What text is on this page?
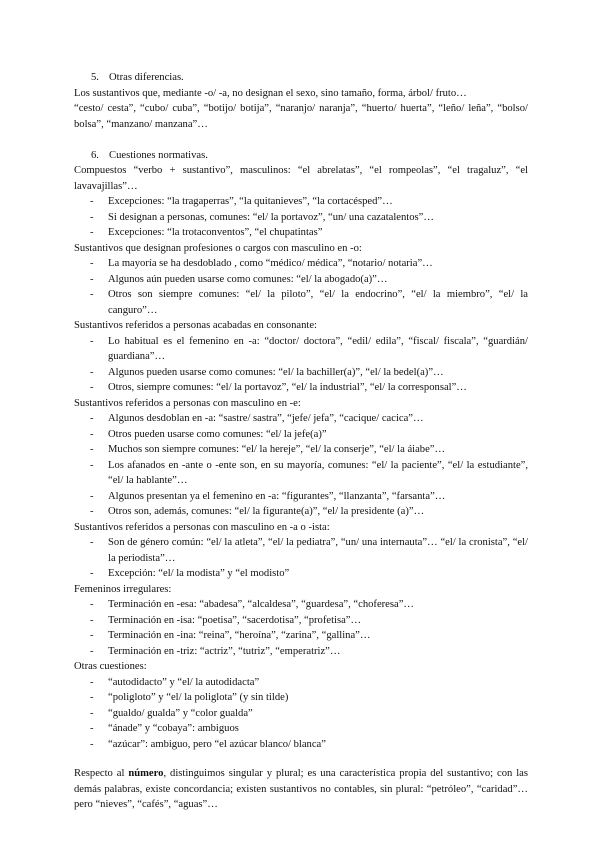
5. Otras diferencias.

Los sustantivos que, mediante -o/ -a, no designan el sexo, sino tamaño, forma, árbol/ fruto…

“cesto/ cesta”, “cubo/ cuba”, “botijo/ botija”, “naranjo/ naranja”, “huerto/ huerta”, “leño/ leña”, “bolso/ bolsa”, “manzano/ manzana”…

6. Cuestiones normativas.

Compuestos “verbo + sustantivo”, masculinos: “el abrelatas”, “el rompeolas”, “el tragaluz”, “el lavavajillas”…

- Excepciones: “la tragaperras”, “la quitanieves”, “la cortacésped”…
- Si designan a personas, comunes: “el/ la portavoz”, “un/ una cazatalentos”…
- Excepciones: “la trotaconventos”, “el chupatintas”

Sustantivos que designan profesiones o cargos con masculino en -o:

- La mayoría se ha desdoblado , como “médico/ médica”, “notario/ notaria”…
- Algunos aún pueden usarse como comunes: “el/ la abogado(a)”…
- Otros son siempre comunes: “el/ la piloto”, “el/ la endocrino”, “el/ la miembro”, “el/ la canguro”…

Sustantivos referidos a personas acabadas en consonante:

- Lo habitual es el femenino en -a: “doctor/ doctora”, “edil/ edila”, “fiscal/ fiscala”, “guardián/ guardiana”…
- Algunos pueden usarse como comunes: “el/ la bachiller(a)”, “el/ la bedel(a)”…
- Otros, siempre comunes: “el/ la portavoz”, “el/ la industrial”, “el/ la corresponsal”…

Sustantivos referidos a personas con masculino en -e:

- Algunos desdoblan en -a: “sastre/ sastra”, “jefe/ jefa”, “cacique/ cacica”…
- Otros pueden usarse como comunes: “el/ la jefe(a)”
- Muchos son siempre comunes: “el/ la hereje”, “el/ la conserje”, “el/ la áiabe”…
- Los afanados en -ante o -ente son, en su mayoría, comunes: “el/ la paciente”, “el/ la estudiante”, “el/ la hablante”…
- Algunos presentan ya el femenino en -a: “figurantes”, “llanzanta”, “farsanta”…
- Otros son, además, comunes: “el/ la figurante(a)”, “el/ la presidente (a)”…

Sustantivos referidos a personas con masculino en -a o -ista:

- Son de género común: “el/ la atleta”, “el/ la pediatra”, “un/ una internauta”… “el/ la cronista”, “el/ la periodista”…
- Excepción: “el/ la modista” y “el modisto”

Femeninos irregulares:

- Terminación en -esa: “abadesa”, “alcaldesa”, “guardesa”, “choferesa”…
- Terminación en -isa: “poetisa”, “sacerdotisa”, “profetisa”…
- Terminación en -ina: “reina”, “heroína”, “zarina”, “gallina”…
- Terminación en -triz: “actriz”, “tutriz”, “emperatriz”…

Otras cuestiones:

- “autodidacto” y “el/ la autodidacta”
- “poligloto” y “el/ la poliglota” (y sin tilde)
- “gualdo/ gualda” y “color gualda”
- “ánade” y “cobaya”: ambiguos
- “azúcar”: ambiguo, pero “el azúcar blanco/ blanca”

Respecto al número, distinguimos singular y plural; es una característica propia del sustantivo; con las demás palabras, existe concordancia; existen sustantivos no contables, sin plural: “petróleo”, “caridad”… pero “nieves”, “cafés”, “aguas”…
